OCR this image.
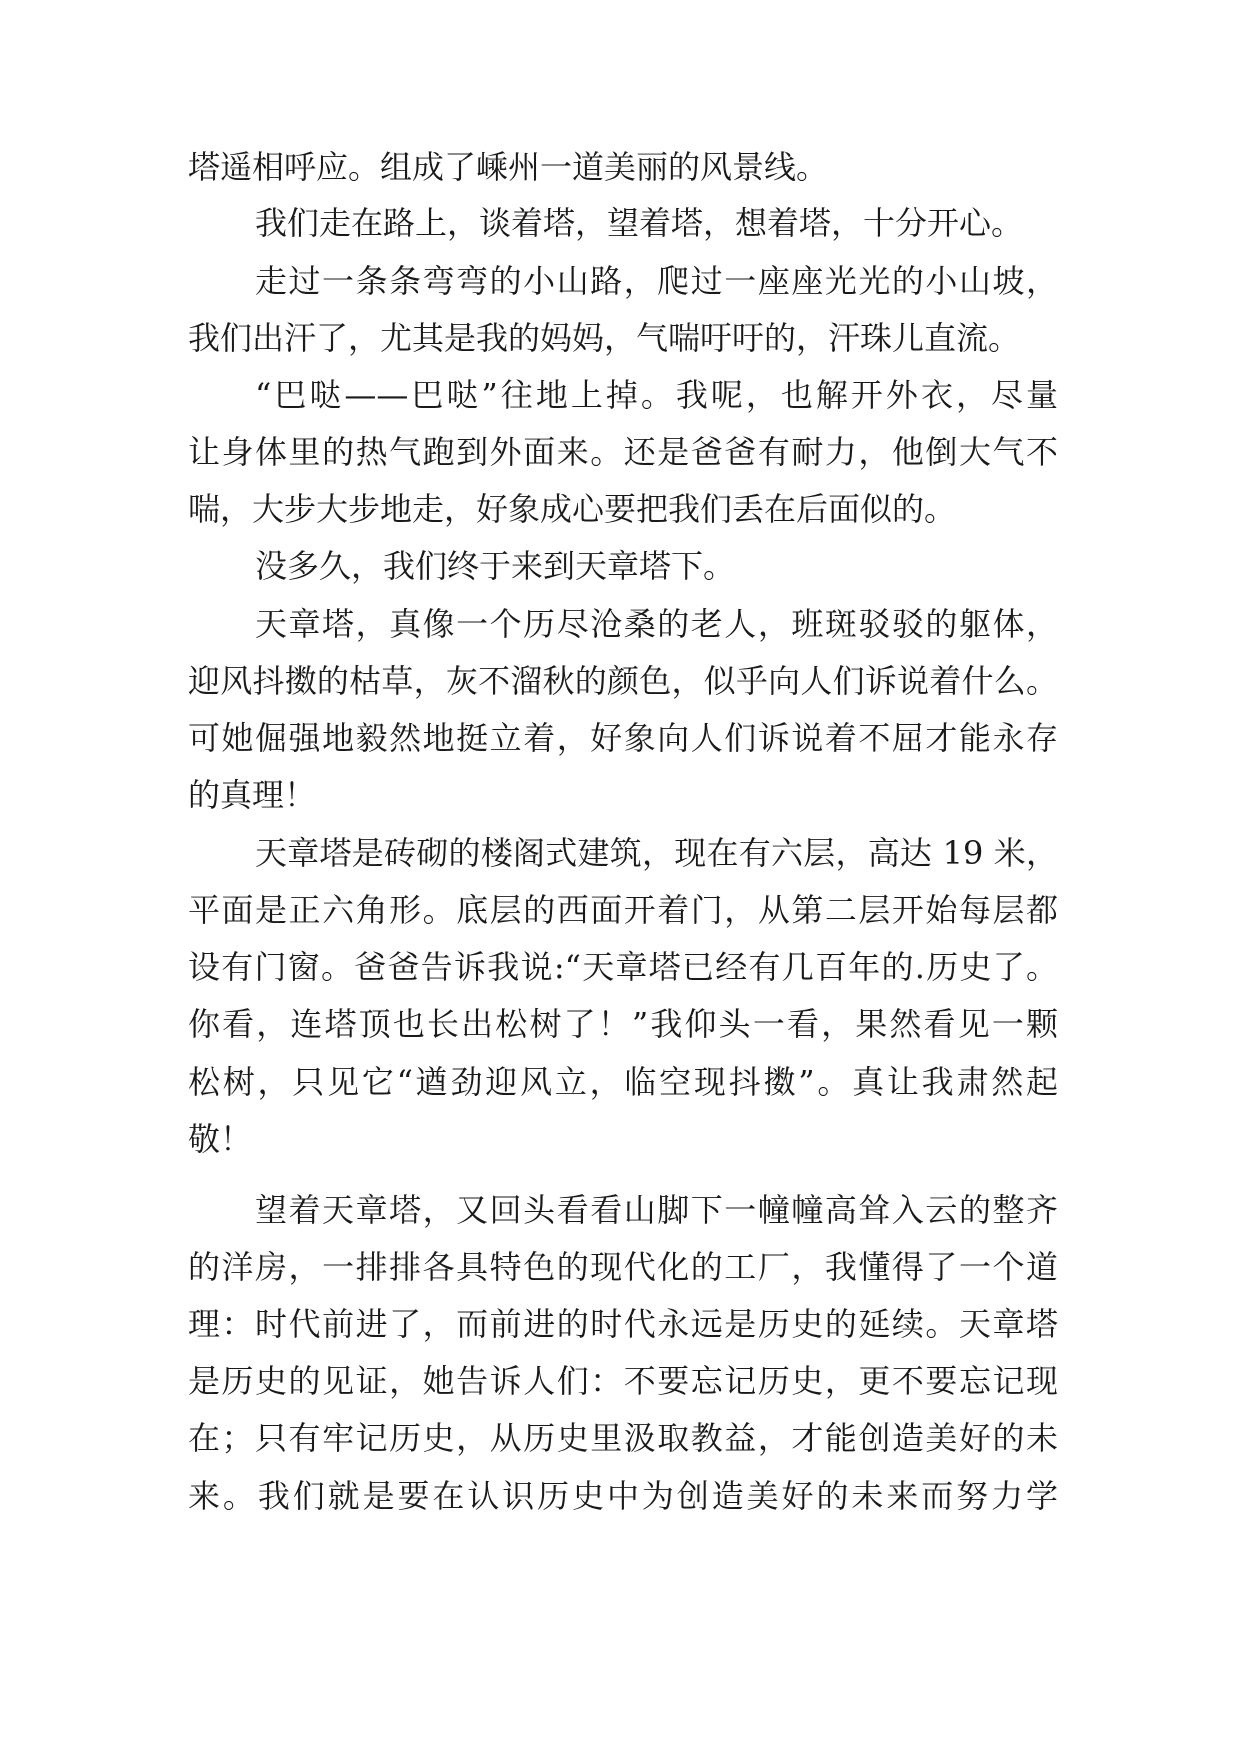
塔遥相呼应。组成了嵊州一道美丽的风景线。
我们走在路上，谈着塔，望着塔，想着塔，十分开心。
走过一条条弯弯的小山路，爬过一座座光光的小山坡，
我们出汗了，尤其是我的妈妈，气喘吁吁的，汗珠儿直流。
“巴哒——巴哒”往地上掉。我呢，也解开外衣，尽量
让身体里的热气跑到外面来。还是爸爸有耐力，他倒大气不
喘，大步大步地走，好象成心要把我们丢在后面似的。
没多久，我们终于来到天章塔下。
天章塔，真像一个历尽沧桑的老人，班斑驳驳的躯体，
迎风抖擞的枯草，灰不溜秋的颜色，似乎向人们诉说着什么。
可她倔强地毅然地挺立着，好象向人们诉说着不屈才能永存
的真理！
天章塔是砖砌的楼阁式建筑，现在有六层，高达 19 米，
平面是正六角形。底层的西面开着门，从第二层开始每层都
设有门窗。爸爸告诉我说:“天章塔已经有几百年的.历史了。
你看，连塔顶也长出松树了！”我仰头一看，果然看见一颗
松树，只见它“遒劲迎风立，临空现抖擞”。真让我肃然起
敬！
望着天章塔，又回头看看山脚下一幢幢高耸入云的整齐
的洋房，一排排各具特色的现代化的工厂，我懂得了一个道
理：时代前进了，而前进的时代永远是历史的延续。天章塔
是历史的见证，她告诉人们：不要忘记历史，更不要忘记现
在；只有牢记历史，从历史里汲取教益，才能创造美好的未
来。我们就是要在认识历史中为创造美好的未来而努力学
